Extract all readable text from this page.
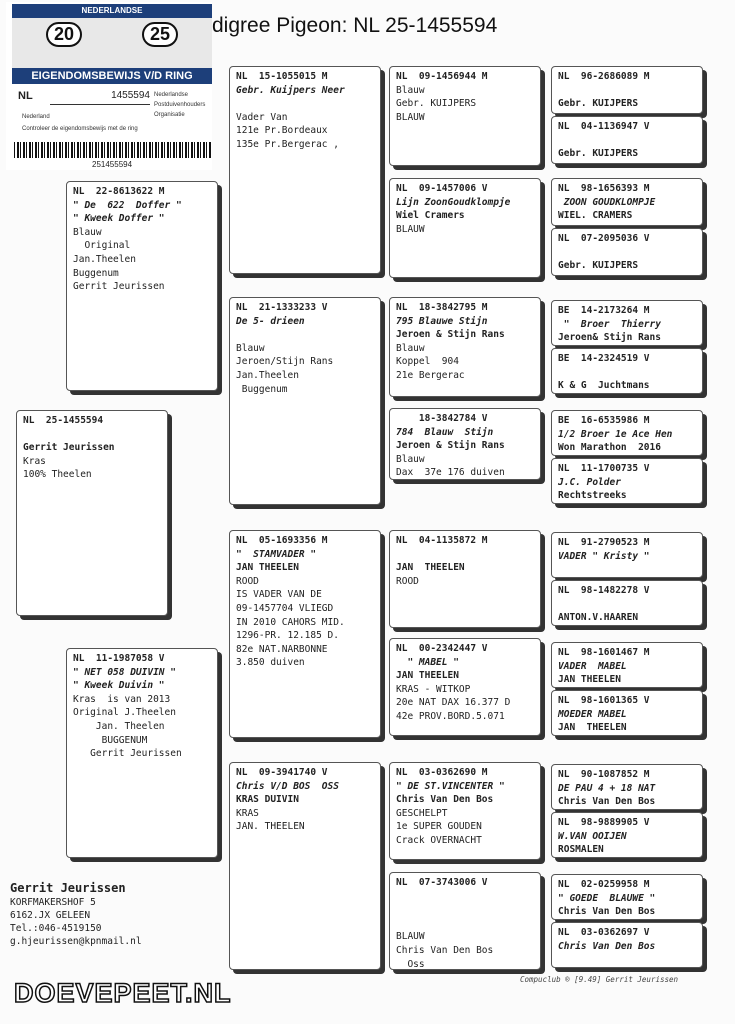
digree Pigeon: NL 25-1455594
NEDERLANDSE
20	25
EIGENDOMSBEWIJS V/D RING
NL	1455594
Nederland
Controleer de eigendomsbewijs met de ring
Nederlandse
Postduivenhouders
Organisatie
251455594
NL  25-1455594
Gerrit Jeurissen
Kras
100% Theelen
NL  22-8613622 M
" De  622  Doffer "
" Kweek Doffer "
Blauw
Original
Jan.Theelen
Buggenum
Gerrit Jeurissen
NL  11-1987058 V
" NET 058 DUIVIN "
" Kweek Duivin "
Kras  is van 2013
Original J.Theelen
Jan. Theelen
BUGGENUM
Gerrit Jeurissen
NL  15-1055015 M
Gebr. Kuijpers Neer
Vader Van
121e Pr.Bordeaux
135e Pr.Bergerac ,
NL  21-1333233 V
De 5- drieen
Blauw
Jeroen/Stijn Rans
Jan.Theelen
Buggenum
NL  05-1693356 M
"  STAMVADER "
JAN THEELEN
ROOD
IS VADER VAN DE
09-1457704 VLIEGD
IN 2010 CAHORS MID.
1296-PR. 12.185 D.
82e NAT.NARBONNE
3.850 duiven
NL  09-3941740 V
Chris V/D BOS  OSS
KRAS DUIVIN
KRAS
JAN. THEELEN
NL  09-1456944 M
Blauw
Gebr. KUIJPERS
BLAUW
NL  09-1457006 V
Lijn ZoonGoudklompje
Wiel Cramers
BLAUW
NL  18-3842795 M
795 Blauwe Stijn
Jeroen & Stijn Rans
Blauw
Koppel  904
21e Bergerac
18-3842784 V
784  Blauw  Stijn
Jeroen & Stijn Rans
Blauw
Dax  37e 176 duiven
NL  04-1135872 M
JAN  THEELEN
ROOD
NL  00-2342447 V
" MABEL "
JAN THEELEN
KRAS - WITKOP
20e NAT DAX 16.377 D
42e PROV.BORD.5.071
NL  03-0362690 M
" DE ST.VINCENTER "
Chris Van Den Bos
GESCHELPT
1e SUPER GOUDEN
Crack OVERNACHT
NL  07-3743006 V
BLAUW
Chris Van Den Bos
Oss
NL  96-2686089 M
Gebr. KUIJPERS
NL  04-1136947 V
Gebr. KUIJPERS
NL  98-1656393 M
ZOON GOUDKLOMPJE
WIEL. CRAMERS
NL  07-2095036 V
Gebr. KUIJPERS
BE  14-2173264 M
"  Broer  Thierry
Jeroen& Stijn Rans
BE  14-2324519 V
K & G  Juchtmans
BE  16-6535986 M
1/2 Broer 1e Ace Hen
Won Marathon  2016
NL  11-1700735 V
J.C. Polder
Rechtstreeks
NL  91-2790523 M
VADER " Kristy "
NL  98-1482278 V
ANTON.V.HAAREN
NL  98-1601467 M
VADER  MABEL
JAN THEELEN
NL  98-1601365 V
MOEDER MABEL
JAN  THEELEN
NL  90-1087852 M
DE PAU 4 + 18 NAT
Chris Van Den Bos
NL  98-9889905 V
W.VAN OOIJEN
ROSMALEN
NL  02-0259958 M
" GOEDE  BLAUWE "
Chris Van Den Bos
NL  03-0362697 V
Chris Van Den Bos
Gerrit Jeurissen
KORFMAKERSHOF 5
6162.JX GELEEN
Tel.:046-4519150
g.hjeurissen@kpnmail.nl
DOEVEPEET.NL	Compuclub ® [9.49] Gerrit Jeurissen
